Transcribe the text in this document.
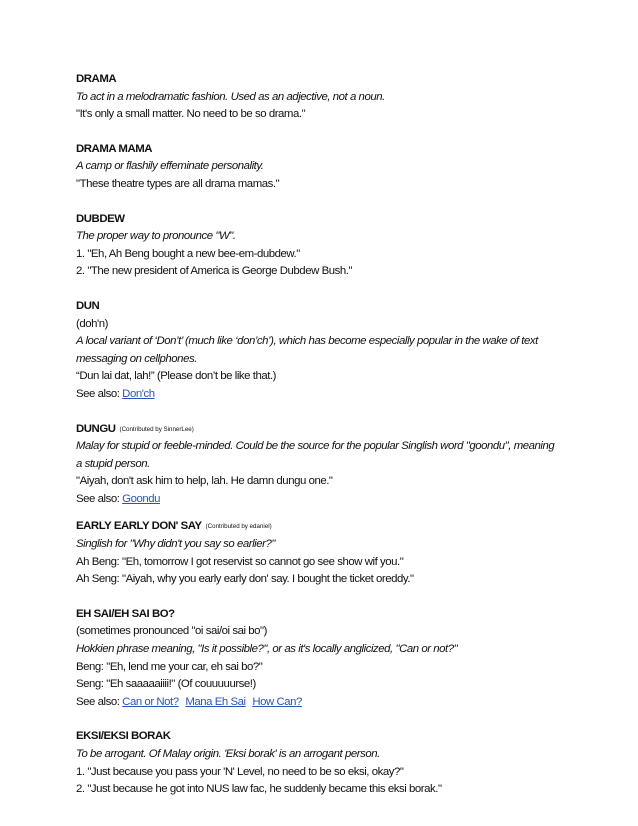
DRAMA
To act in a melodramatic fashion. Used as an adjective, not a noun.
"It's only a small matter. No need to be so drama."
DRAMA MAMA
A camp or flashily effeminate personality.
"These theatre types are all drama mamas."
DUBDEW
The proper way to pronounce "W".
1. "Eh, Ah Beng bought a new bee-em-dubdew."
2. "The new president of America is George Dubdew Bush."
DUN
(doh'n)
A local variant of ‘Don’t’ (much like ‘don’ch’), which has become especially popular in the wake of text
messaging on cellphones.
“Dun lai dat, lah!” (Please don’t be like that.)
See also: Don'ch
DUNGU (Contributed by SinnerLee)
Malay for stupid or feeble-minded. Could be the source for the popular Singlish word "goondu", meaning
a stupid person.
"Aiyah, don't ask him to help, lah. He damn dungu one."
See also: Goondu
EARLY EARLY DON' SAY (Contributed by edaniel)
Singlish for "Why didn't you say so earlier?"
Ah Beng: "Eh, tomorrow I got reservist so cannot go see show wif you."
Ah Seng: "Aiyah, why you early early don' say. I bought the ticket oreddy."
EH SAI/EH SAI BO?
(sometimes pronounced "oi sai/oi sai bo")
Hokkien phrase meaning, "Is it possible?", or as it's locally anglicized, "Can or not?"
Beng: "Eh, lend me your car, eh sai bo?"
Seng: "Eh saaaaaiiii!" (Of couuuuurse!)
See also: Can or Not? Mana Eh Sai How Can?
EKSI/EKSI BORAK
To be arrogant. Of Malay origin. 'Eksi borak' is an arrogant person.
1. "Just because you pass your 'N' Level, no need to be so eksi, okay?"
2. "Just because he got into NUS law fac, he suddenly became this eksi borak."
